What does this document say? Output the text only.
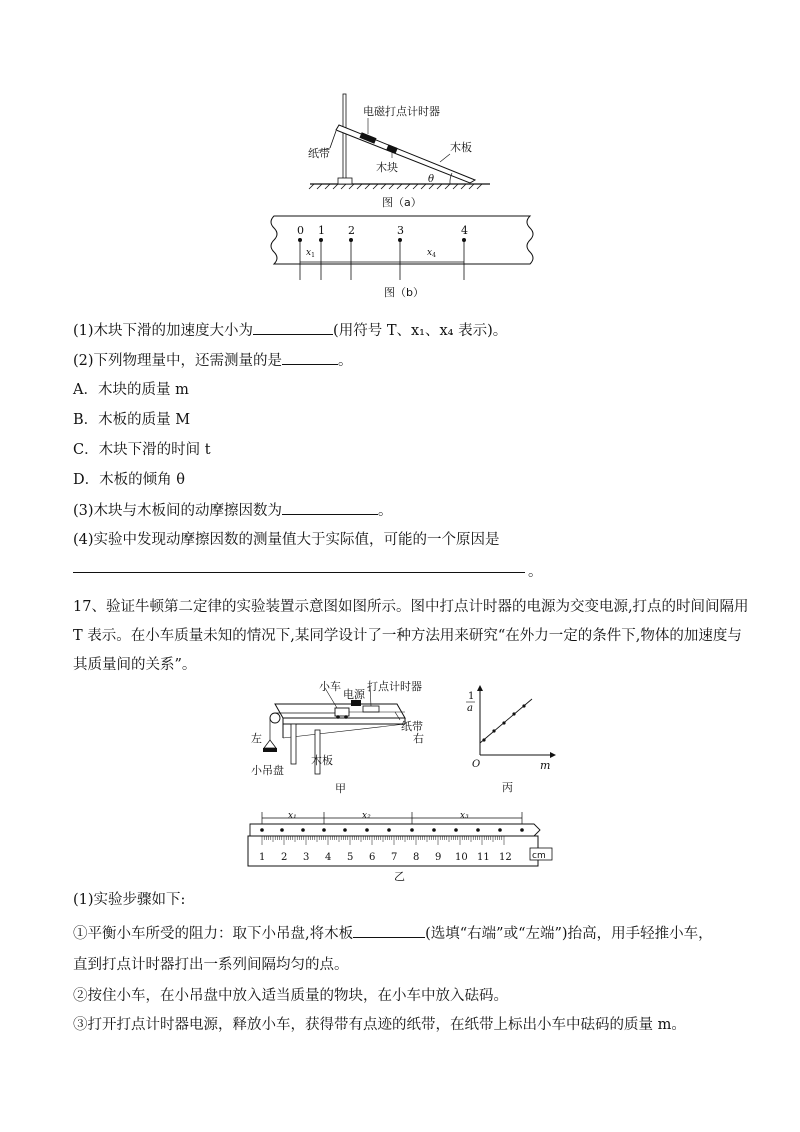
电磁打点计时器
纸带
木块
木板
θ
图（a）
0 1 2	3	4
$x_1$	$x_4$
图（b）
(1)木块下滑的加速度大小为	(用符号 T、x₁、x₄ 表示)。
(2)下列物理量中，还需测量的是	。
A．木块的质量 m
B．木板的质量 M
C．木块下滑的时间 t
D．木板的倾角 θ
(3)木块与木板间的动摩擦因数为	。
(4)实验中发现动摩擦因数的测量值大于实际值，可能的一个原因是
。
17、验证牛顿第二定律的实验装置示意图如图所示。图中打点计时器的电源为交变电源,打点的时间间隔用
T 表示。在小车质量未知的情况下,某同学设计了一种方法用来研究“在外力一定的条件下,物体的加速度与
其质量间的关系”。
小车
电源
打点计时器
纸带
左	右
小吊盘
木板
甲
1 a
m
O
丙
1 2 3 4 5 6 7 8 9 10 11 12
x₁	x₂	x₃
cm
乙
(1)实验步骤如下:
①平衡小车所受的阻力：取下小吊盘,将木板	(选填“右端”或“左端”)抬高，用手轻推小车，
直到打点计时器打出一系列间隔均匀的点。
②按住小车，在小吊盘中放入适当质量的物块，在小车中放入砝码。
③打开打点计时器电源，释放小车，获得带有点迹的纸带，在纸带上标出小车中砝码的质量 m。
